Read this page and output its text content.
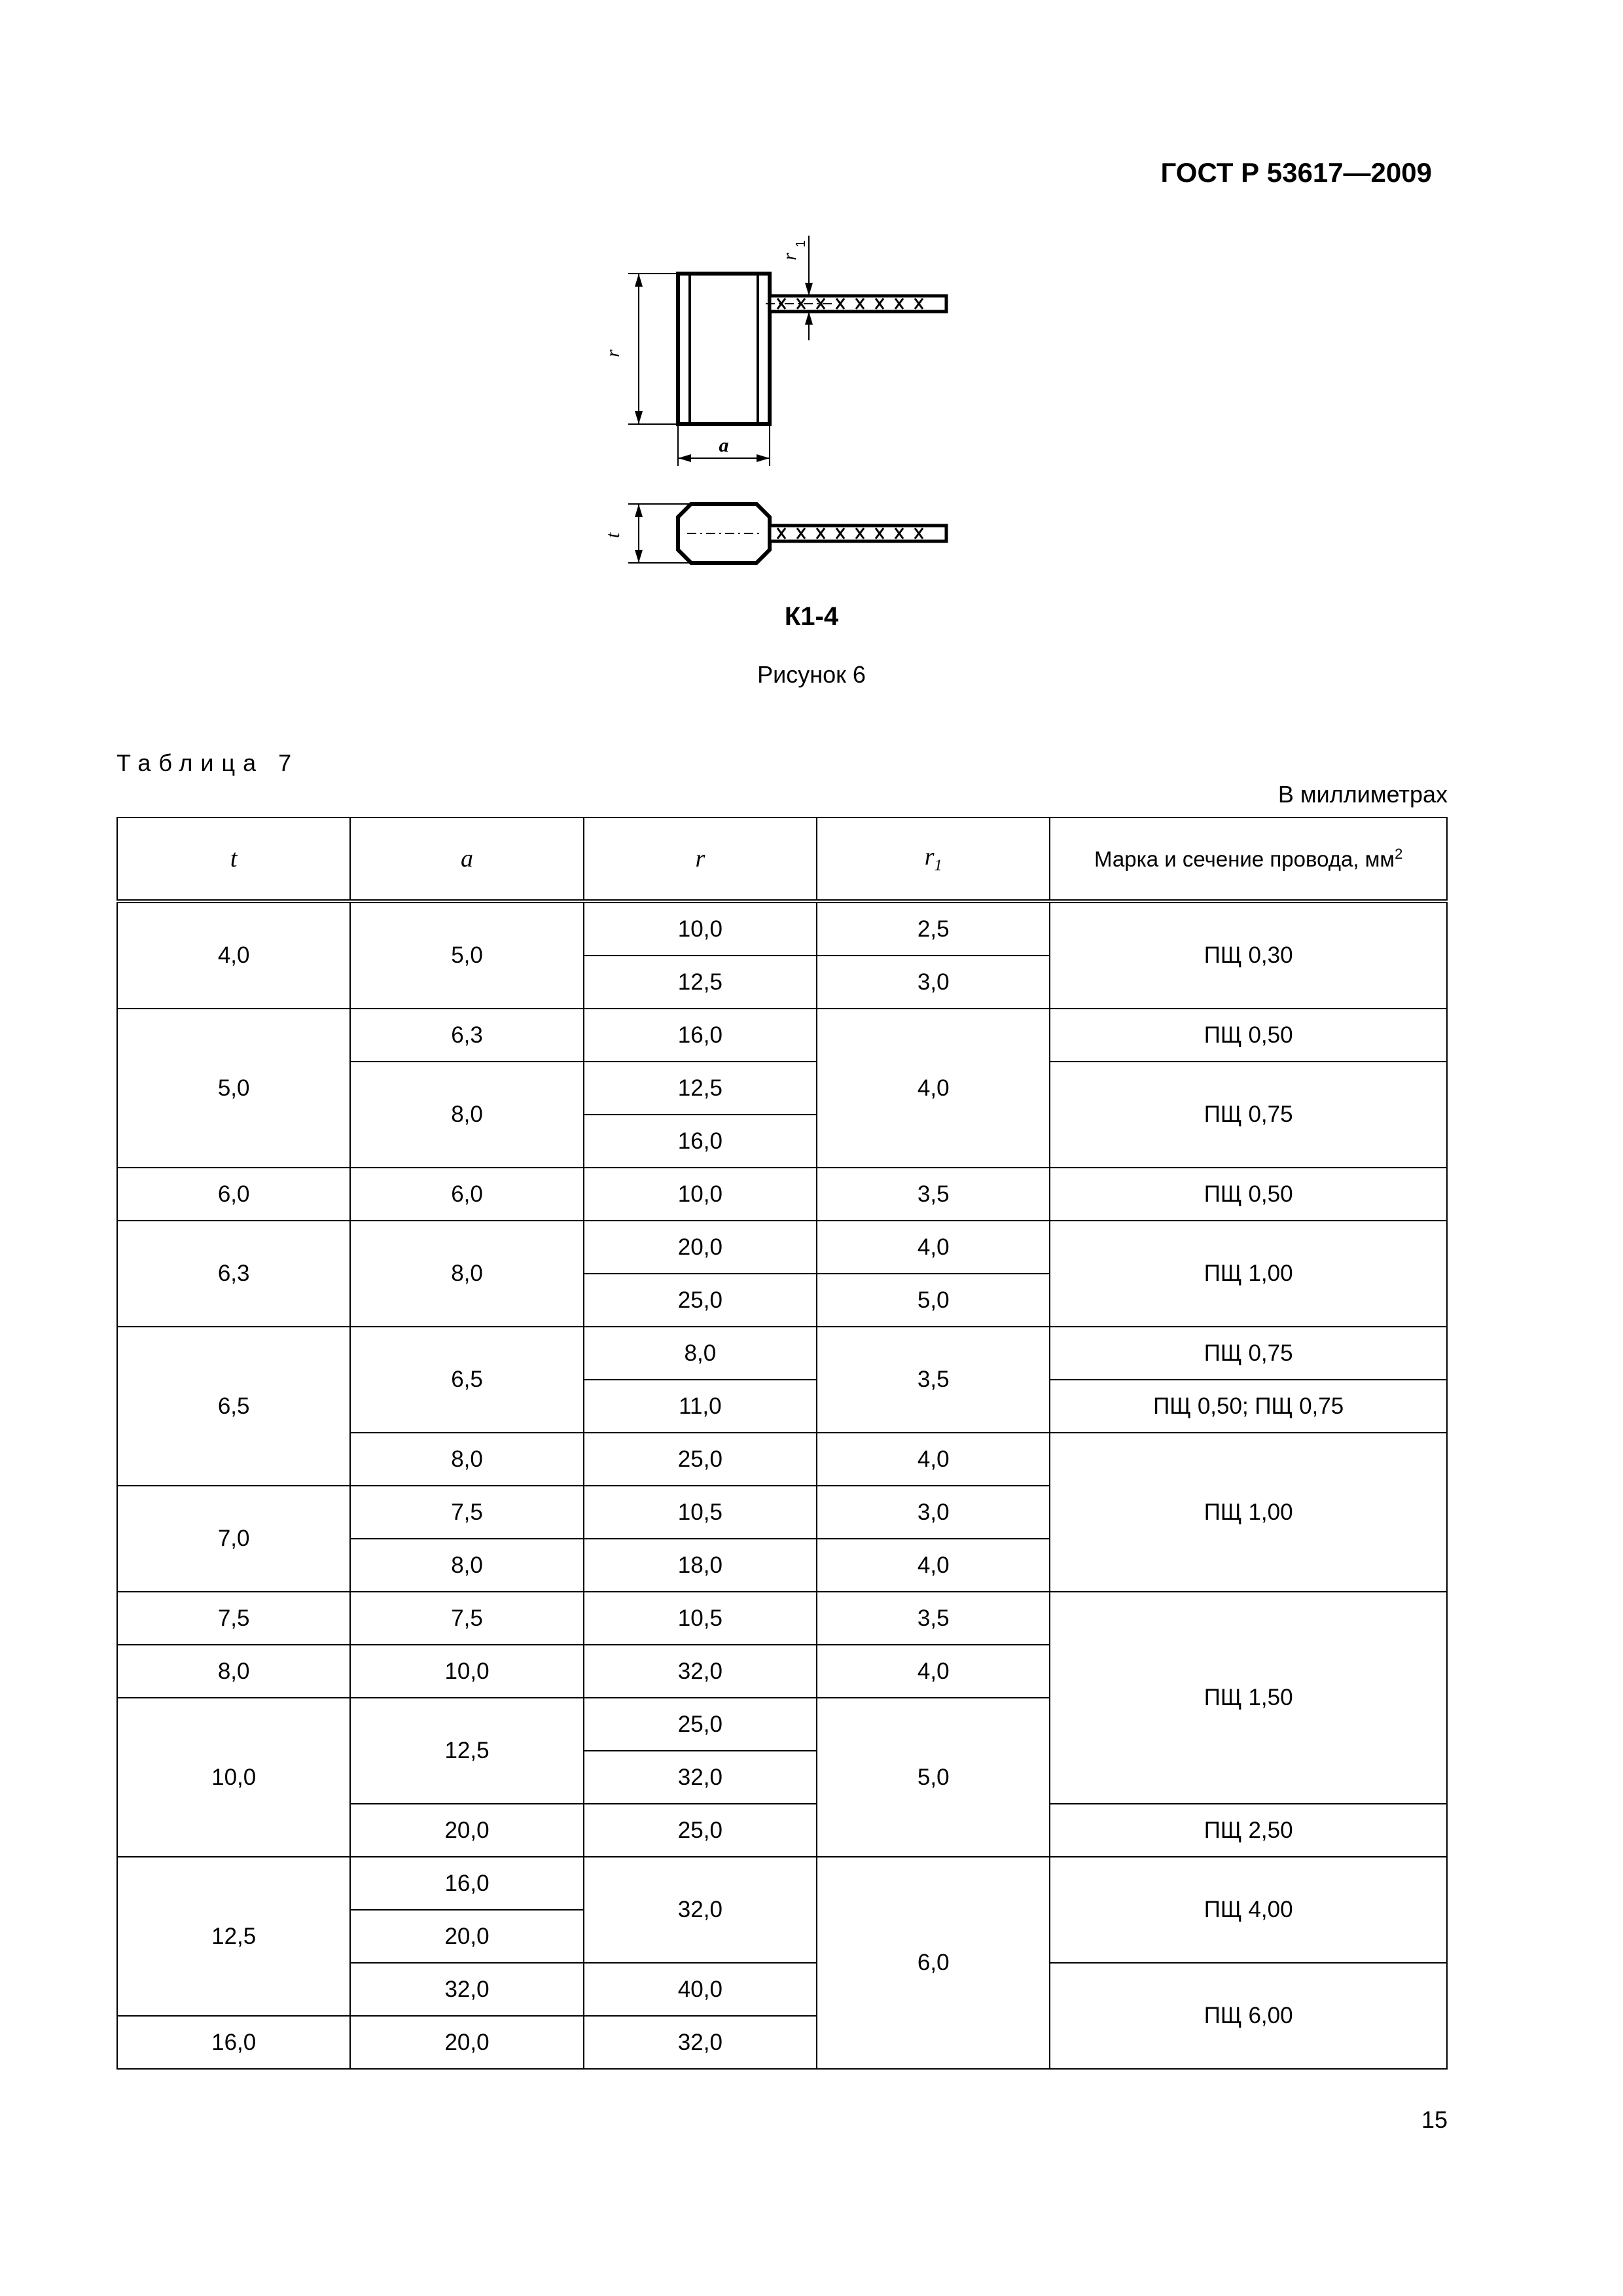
ГОСТ Р 53617—2009
r
1
r
a
t
К1-4
Рисунок 6
Таблица 7
В миллиметрах
t	a	r	$r_1$	Марка и сечение провода, $мм^2$
4,0	5,0	10,0	2,5	ПЩ 0,30
		12,5	3,0	
5,0	6,3	16,0	4,0	ПЩ 0,50
	8,0	12,5		ПЩ 0,75
		16,0		
6,0	6,0	10,0	3,5	ПЩ 0,50
6,3	8,0	20,0	4,0	ПЩ 1,00
		25,0	5,0	
6,5	6,5	8,0	3,5	ПЩ 0,75
		11,0		ПЩ 0,50; ПЩ 0,75
	8,0	25,0	4,0	ПЩ 1,00
7,0	7,5	10,5	3,0	
	8,0	18,0	4,0	
7,5	7,5	10,5	3,5	ПЩ 1,50
8,0	10,0	32,0	4,0	
10,0	12,5	25,0	5,0	
		32,0		
	20,0	25,0		ПЩ 2,50
12,5	16,0	32,0	6,0	ПЩ 4,00
	20,0			
	32,0	40,0		ПЩ 6,00
16,0	20,0	32,0		
15
